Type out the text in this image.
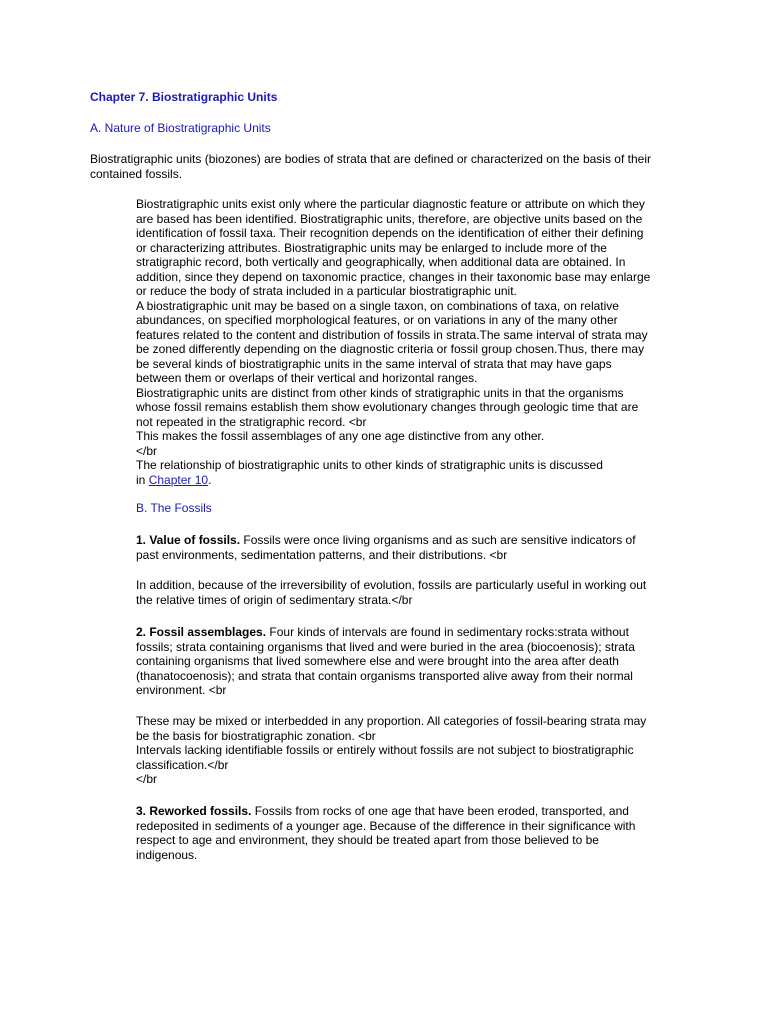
Chapter 7. Biostratigraphic Units
A. Nature of Biostratigraphic Units

Biostratigraphic units (biozones) are bodies of strata that are defined or characterized on the basis of their
contained fossils.

Biostratigraphic units exist only where the particular diagnostic feature or attribute on which they
are based has been identified. Biostratigraphic units, therefore, are objective units based on the
identification of fossil taxa. Their recognition depends on the identification of either their defining
or characterizing attributes. Biostratigraphic units may be enlarged to include more of the
stratigraphic record, both vertically and geographically, when additional data are obtained. In
addition, since they depend on taxonomic practice, changes in their taxonomic base may enlarge
or reduce the body of strata included in a particular biostratigraphic unit.
A biostratigraphic unit may be based on a single taxon, on combinations of taxa, on relative
abundances, on specified morphological features, or on variations in any of the many other
features related to the content and distribution of fossils in strata.The same interval of strata may
be zoned differently depending on the diagnostic criteria or fossil group chosen.Thus, there may
be several kinds of biostratigraphic units in the same interval of strata that may have gaps
between them or overlaps of their vertical and horizontal ranges.
Biostratigraphic units are distinct from other kinds of stratigraphic units in that the organisms
whose fossil remains establish them show evolutionary changes through geologic time that are
not repeated in the stratigraphic record. <br
This makes the fossil assemblages of any one age distinctive from any other.
</br
The relationship of biostratigraphic units to other kinds of stratigraphic units is discussed
in Chapter 10.

B. The Fossils

1. Value of fossils. Fossils were once living organisms and as such are sensitive indicators of
past environments, sedimentation patterns, and their distributions. <br

In addition, because of the irreversibility of evolution, fossils are particularly useful in working out
the relative times of origin of sedimentary strata.</br

2. Fossil assemblages. Four kinds of intervals are found in sedimentary rocks:strata without
fossils; strata containing organisms that lived and were buried in the area (biocoenosis); strata
containing organisms that lived somewhere else and were brought into the area after death
(thanatocoenosis); and strata that contain organisms transported alive away from their normal
environment. <br

These may be mixed or interbedded in any proportion. All categories of fossil-bearing strata may
be the basis for biostratigraphic zonation. <br
Intervals lacking identifiable fossils or entirely without fossils are not subject to biostratigraphic
classification.</br
</br

3. Reworked fossils. Fossils from rocks of one age that have been eroded, transported, and
redeposited in sediments of a younger age. Because of the difference in their significance with
respect to age and environment, they should be treated apart from those believed to be
indigenous.
